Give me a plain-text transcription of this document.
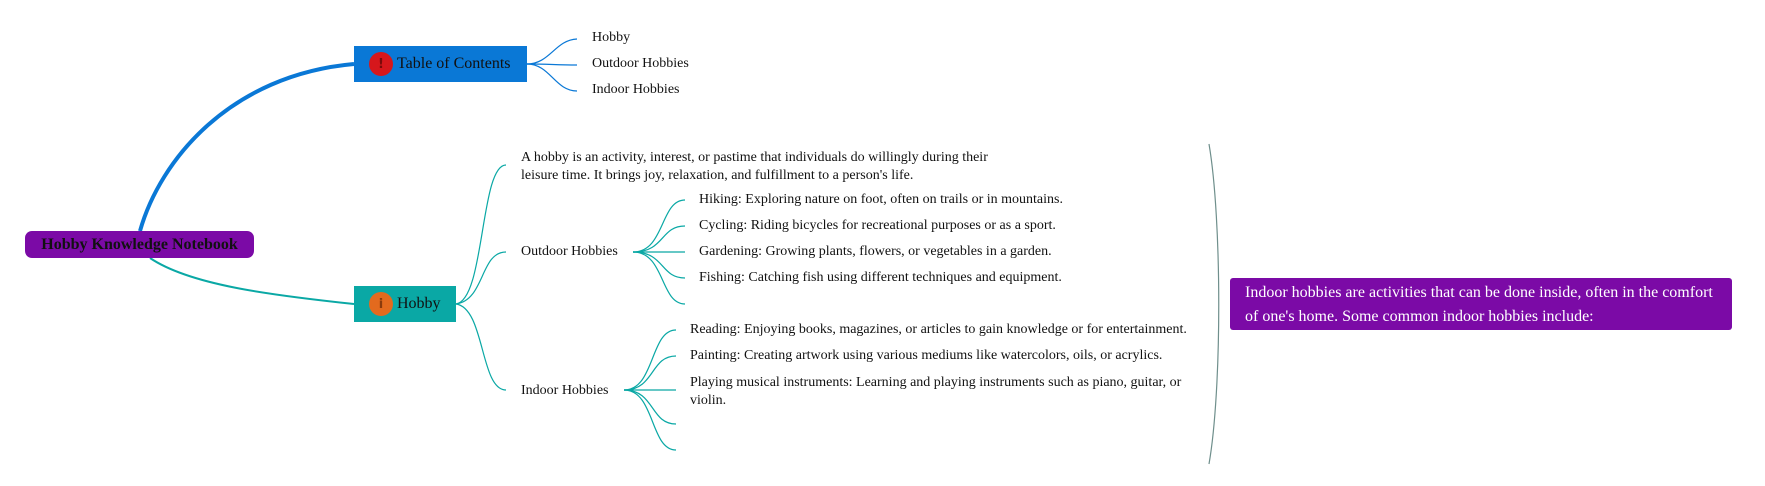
Hobby Knowledge Notebook
! Table of Contents
Hobby
Outdoor Hobbies
Indoor Hobbies
i Hobby
A hobby is an activity, interest, or pastime that individuals do willingly during their leisure time. It brings joy, relaxation, and fulfillment to a person's life.
Outdoor Hobbies
Hiking: Exploring nature on foot, often on trails or in mountains.
Cycling: Riding bicycles for recreational purposes or as a sport.
Gardening: Growing plants, flowers, or vegetables in a garden.
Fishing: Catching fish using different techniques and equipment.
Indoor Hobbies
Reading: Enjoying books, magazines, or articles to gain knowledge or for entertainment.
Painting: Creating artwork using various mediums like watercolors, oils, or acrylics.
Playing musical instruments: Learning and playing instruments such as piano, guitar, or violin.
Indoor hobbies are activities that can be done inside, often in the comfort of one's home. Some common indoor hobbies include:
